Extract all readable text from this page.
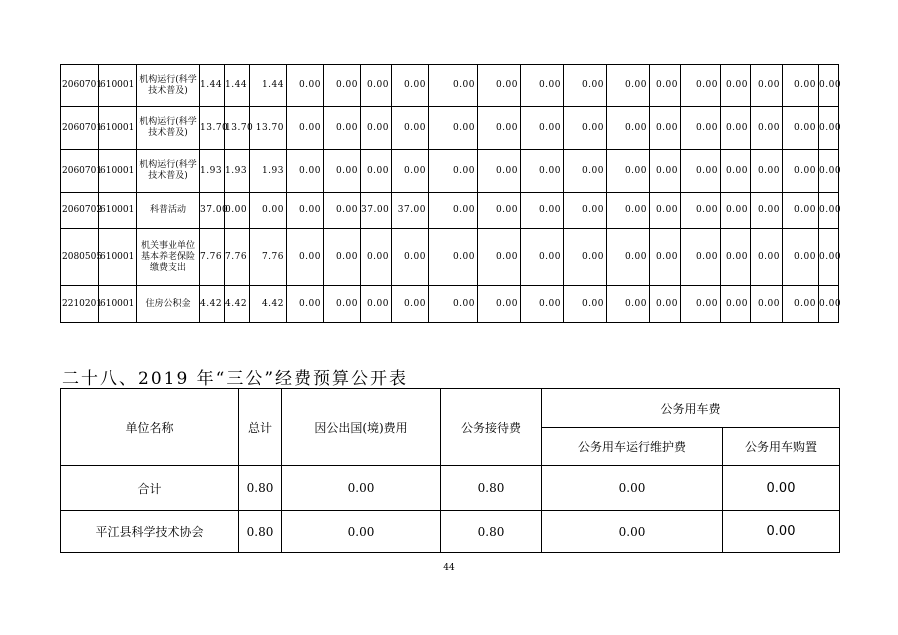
2060701	610001	机构运行(科学技术普及)	1.44	1.44	1.44	0.00	0.00	0.00	0.00	0.00	0.00	0.00	0.00	0.00	0.00	0.00	0.00	0.00	0.00	0.00
2060701	610001	机构运行(科学技术普及)	13.70	13.70	13.70	0.00	0.00	0.00	0.00	0.00	0.00	0.00	0.00	0.00	0.00	0.00	0.00	0.00	0.00	0.00
2060701	610001	机构运行(科学技术普及)	1.93	1.93	1.93	0.00	0.00	0.00	0.00	0.00	0.00	0.00	0.00	0.00	0.00	0.00	0.00	0.00	0.00	0.00
2060702	610001	科普活动	37.00	0.00	0.00	0.00	0.00	37.00	37.00	0.00	0.00	0.00	0.00	0.00	0.00	0.00	0.00	0.00	0.00	0.00
2080505	610001	机关事业单位基本养老保险缴费支出	7.76	7.76	7.76	0.00	0.00	0.00	0.00	0.00	0.00	0.00	0.00	0.00	0.00	0.00	0.00	0.00	0.00	0.00
2210201	610001	住房公积金	4.42	4.42	4.42	0.00	0.00	0.00	0.00	0.00	0.00	0.00	0.00	0.00	0.00	0.00	0.00	0.00	0.00	0.00
二十八、2019 年“三公”经费预算公开表
单位名称	总计	因公出国(境)费用	公务接待费	公务用车费	
				公务用车运行维护费	公务用车购置
合计	0.80	0.00	0.80	0.00	0.00
平江县科学技术协会	0.80	0.00	0.80	0.00	0.00
44
